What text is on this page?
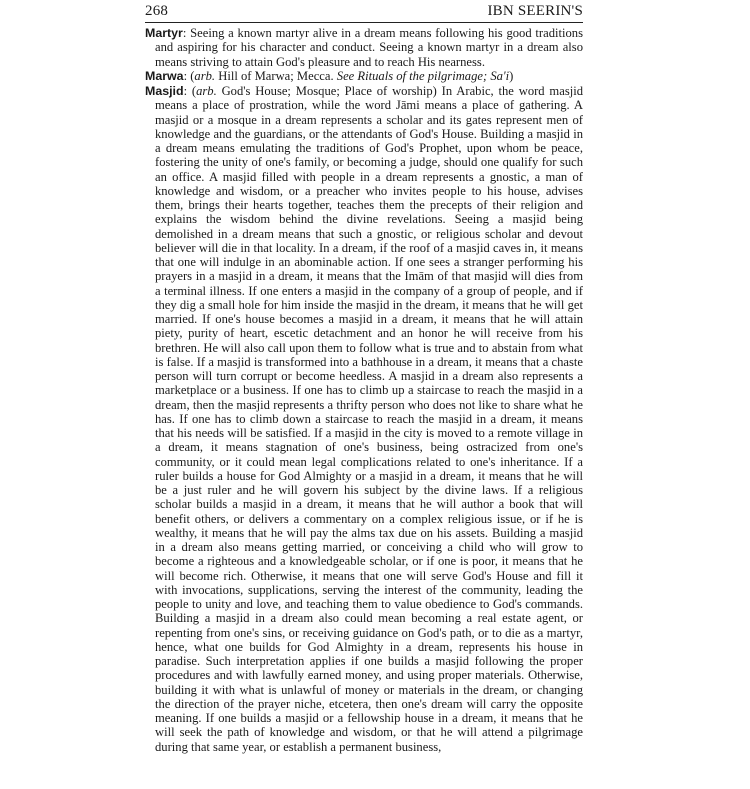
268	IBN SEERIN'S

Martyr: Seeing a known martyr alive in a dream means following his good traditions and aspiring for his character and conduct. Seeing a known martyr in a dream also means striving to attain God's pleasure and to reach His nearness.

Marwa: (arb. Hill of Marwa; Mecca. See Rituals of the pilgrimage; Sa'i)

Masjid: (arb. God's House; Mosque; Place of worship) In Arabic, the word masjid means a place of prostration, while the word Jāmi means a place of gathering. A masjid or a mosque in a dream represents a scholar and its gates represent men of knowledge and the guardians, or the attendants of God's House. Building a masjid in a dream means emulating the traditions of God's Prophet, upon whom be peace, fostering the unity of one's family, or becoming a judge, should one qualify for such an office. A masjid filled with people in a dream represents a gnostic, a man of knowledge and wisdom, or a preacher who invites people to his house, advises them, brings their hearts together, teaches them the precepts of their religion and explains the wisdom behind the divine revelations. Seeing a masjid being demolished in a dream means that such a gnostic, or religious scholar and devout believer will die in that locality. In a dream, if the roof of a masjid caves in, it means that one will indulge in an abominable action. If one sees a stranger performing his prayers in a masjid in a dream, it means that the Imām of that masjid will dies from a terminal illness. If one enters a masjid in the company of a group of people, and if they dig a small hole for him inside the masjid in the dream, it means that he will get married. If one's house becomes a masjid in a dream, it means that he will attain piety, purity of heart, escetic detachment and an honor he will receive from his brethren. He will also call upon them to follow what is true and to abstain from what is false. If a masjid is transformed into a bathhouse in a dream, it means that a chaste person will turn corrupt or become heedless. A masjid in a dream also represents a marketplace or a business. If one has to climb up a staircase to reach the masjid in a dream, then the masjid represents a thrifty person who does not like to share what he has. If one has to climb down a staircase to reach the masjid in a dream, it means that his needs will be satisfied. If a masjid in the city is moved to a remote village in a dream, it means stagnation of one's business, being ostracized from one's community, or it could mean legal complications related to one's inheritance. If a ruler builds a house for God Almighty or a masjid in a dream, it means that he will be a just ruler and he will govern his subject by the divine laws. If a religious scholar builds a masjid in a dream, it means that he will author a book that will benefit others, or delivers a commentary on a complex religious issue, or if he is wealthy, it means that he will pay the alms tax due on his assets. Building a masjid in a dream also means getting married, or conceiving a child who will grow to become a righteous and a knowledgeable scholar, or if one is poor, it means that he will become rich. Otherwise, it means that one will serve God's House and fill it with invocations, supplications, serving the interest of the community, leading the people to unity and love, and teaching them to value obedience to God's commands. Building a masjid in a dream also could mean becoming a real estate agent, or repenting from one's sins, or receiving guidance on God's path, or to die as a martyr, hence, what one builds for God Almighty in a dream, represents his house in paradise. Such interpretation applies if one builds a masjid following the proper procedures and with lawfully earned money, and using proper materials. Otherwise, building it with what is unlawful of money or materials in the dream, or changing the direction of the prayer niche, etcetera, then one's dream will carry the opposite meaning. If one builds a masjid or a fellowship house in a dream, it means that he will seek the path of knowledge and wisdom, or that he will attend a pilgrimage during that same year, or establish a permanent business,
